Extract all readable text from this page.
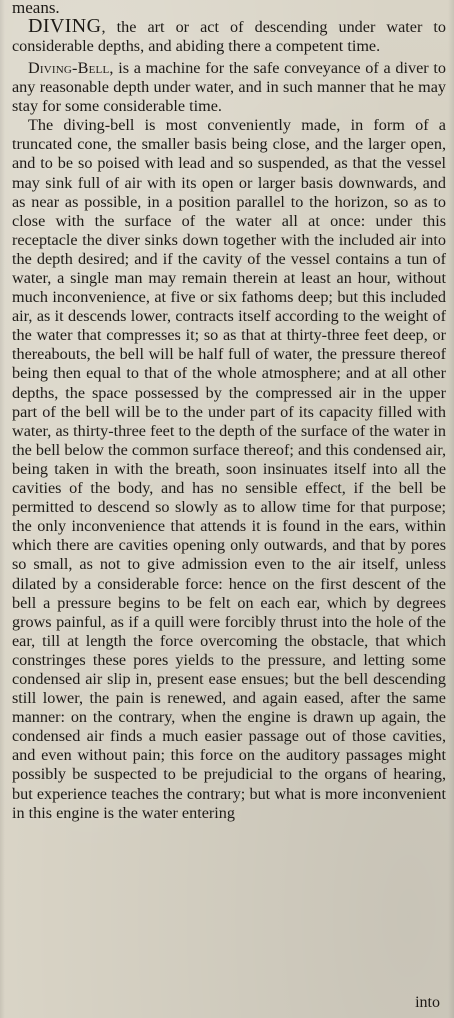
means.

DIVING, the art or act of descending under water to considerable depths, and abiding there a competent time.

Diving-Bell, is a machine for the safe conveyance of a diver to any reasonable depth under water, and in such manner that he may stay for some considerable time.

The diving-bell is most conveniently made, in form of a truncated cone, the smaller basis being close, and the larger open, and to be so poised with lead and so suspended, as that the vessel may sink full of air with its open or larger basis downwards, and as near as possible, in a position parallel to the horizon, so as to close with the surface of the water all at once: under this receptacle the diver sinks down together with the included air into the depth desired; and if the cavity of the vessel contains a tun of water, a single man may remain therein at least an hour, without much inconvenience, at five or six fathoms deep; but this included air, as it descends lower, contracts itself according to the weight of the water that compresses it; so as that at thirty-three feet deep, or thereabouts, the bell will be half full of water, the pressure thereof being then equal to that of the whole atmosphere; and at all other depths, the space possessed by the compressed air in the upper part of the bell will be to the under part of its capacity filled with water, as thirty-three feet to the depth of the surface of the water in the bell below the common surface thereof; and this condensed air, being taken in with the breath, soon insinuates itself into all the cavities of the body, and has no sensible effect, if the bell be permitted to descend so slowly as to allow time for that purpose; the only inconvenience that attends it is found in the ears, within which there are cavities opening only outwards, and that by pores so small, as not to give admission even to the air itself, unless dilated by a considerable force: hence on the first descent of the bell a pressure begins to be felt on each ear, which by degrees grows painful, as if a quill were forcibly thrust into the hole of the ear, till at length the force overcoming the obstacle, that which constringes these pores yields to the pressure, and letting some condensed air slip in, present ease ensues; but the bell descending still lower, the pain is renewed, and again eased, after the same manner: on the contrary, when the engine is drawn up again, the condensed air finds a much easier passage out of those cavities, and even without pain; this force on the auditory passages might possibly be suspected to be prejudicial to the organs of hearing, but experience teaches the contrary; but what is more inconvenient in this engine is the water entering

into
